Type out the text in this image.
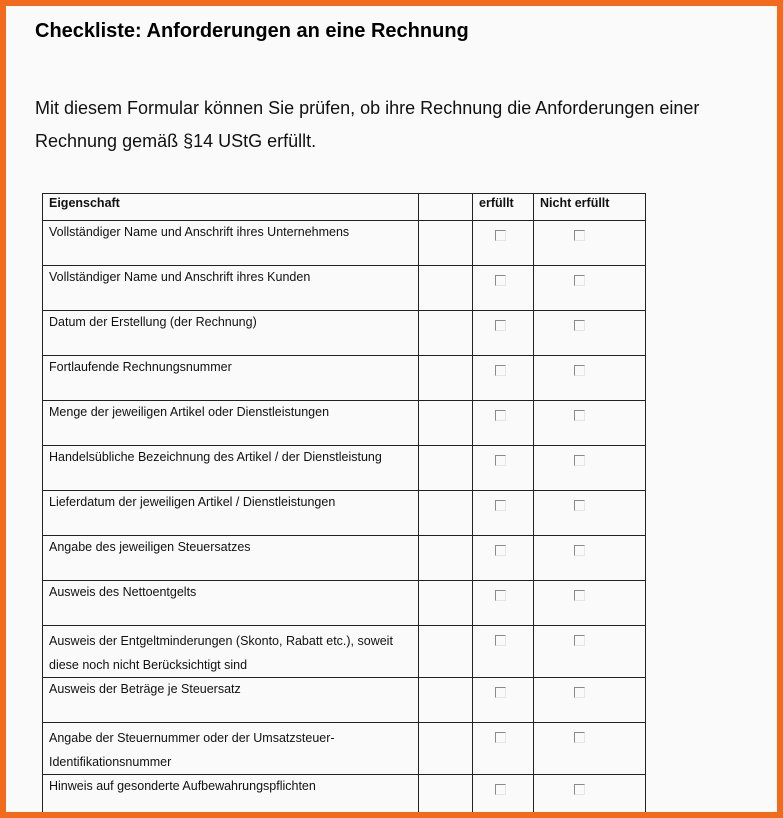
Checkliste: Anforderungen an eine Rechnung

Mit diesem Formular können Sie prüfen, ob ihre Rechnung die Anforderungen einer Rechnung gemäß §14 UStG erfüllt.

Eigenschaft		erfüllt	Nicht erfüllt
Vollständiger Name und Anschrift ihres Unternehmens			
Vollständiger Name und Anschrift ihres Kunden			
Datum der Erstellung (der Rechnung)			
Fortlaufende Rechnungsnummer			
Menge der jeweiligen Artikel oder Dienstleistungen			
Handelsübliche Bezeichnung des Artikel / der Dienstleistung			
Lieferdatum der jeweiligen Artikel / Dienstleistungen			
Angabe des jeweiligen Steuersatzes			
Ausweis des Nettoentgelts			
Ausweis der Entgeltminderungen (Skonto, Rabatt etc.), soweit diese noch nicht Berücksichtigt sind			
Ausweis der Beträge je Steuersatz			
Angabe der Steuernummer oder der Umsatzsteuer-Identifikationsnummer			
Hinweis auf gesonderte Aufbewahrungspflichten			
